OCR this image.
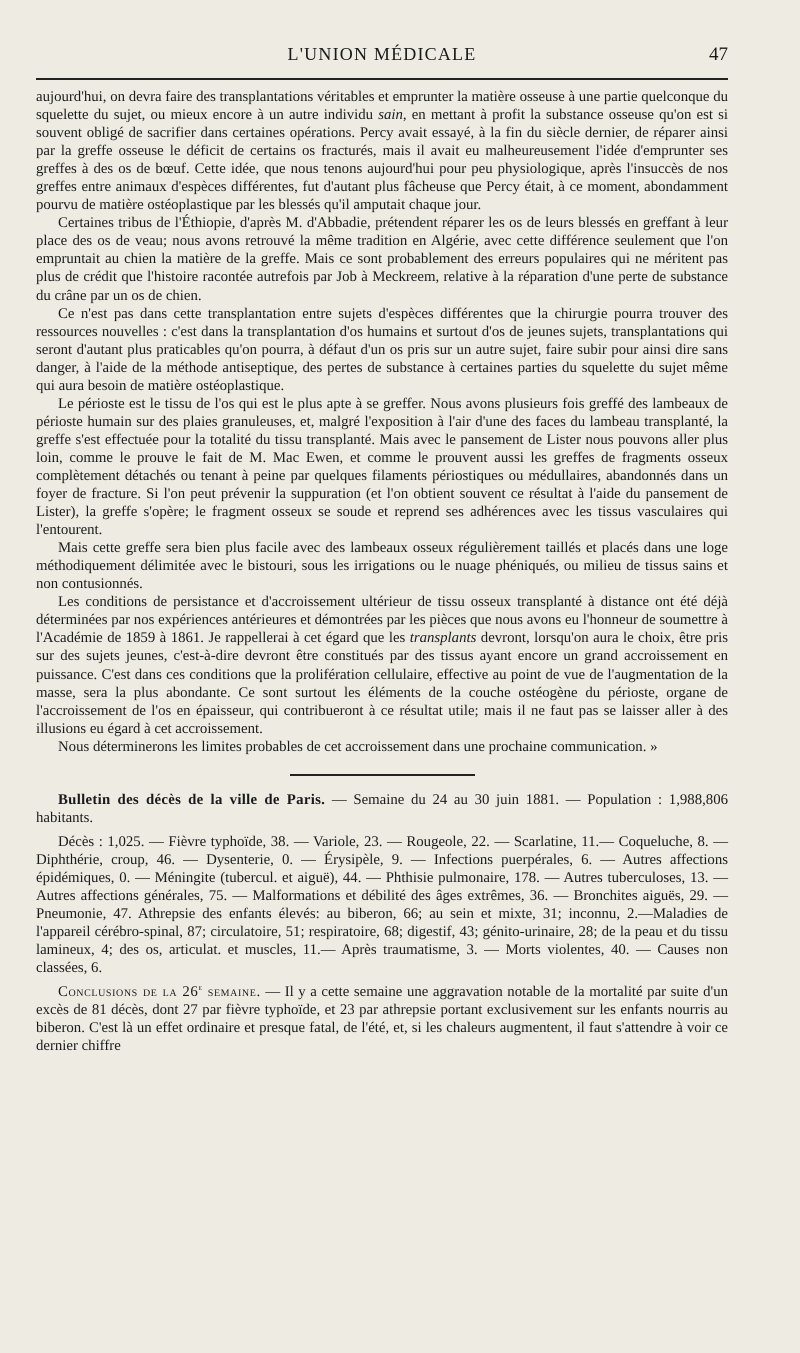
L'UNION MÉDICALE	47

aujourd'hui, on devra faire des transplantations véritables et emprunter la matière osseuse à une partie quelconque du squelette du sujet, ou mieux encore à un autre individu sain, en mettant à profit la substance osseuse qu'on est si souvent obligé de sacrifier dans certaines opérations. Percy avait essayé, à la fin du siècle dernier, de réparer ainsi par la greffe osseuse le déficit de certains os fracturés, mais il avait eu malheureusement l'idée d'emprunter ses greffes à des os de bœuf. Cette idée, que nous tenons aujourd'hui pour peu physiologique, après l'insuccès de nos greffes entre animaux d'espèces différentes, fut d'autant plus fâcheuse que Percy était, à ce moment, abondamment pourvu de matière ostéoplastique par les blessés qu'il amputait chaque jour.

Certaines tribus de l'Éthiopie, d'après M. d'Abbadie, prétendent réparer les os de leurs blessés en greffant à leur place des os de veau; nous avons retrouvé la même tradition en Algérie, avec cette différence seulement que l'on empruntait au chien la matière de la greffe. Mais ce sont probablement des erreurs populaires qui ne méritent pas plus de crédit que l'histoire racontée autrefois par Job à Meckreem, relative à la réparation d'une perte de substance du crâne par un os de chien.

Ce n'est pas dans cette transplantation entre sujets d'espèces différentes que la chirurgie pourra trouver des ressources nouvelles : c'est dans la transplantation d'os humains et surtout d'os de jeunes sujets, transplantations qui seront d'autant plus praticables qu'on pourra, à défaut d'un os pris sur un autre sujet, faire subir pour ainsi dire sans danger, à l'aide de la méthode antiseptique, des pertes de substance à certaines parties du squelette du sujet même qui aura besoin de matière ostéoplastique.

Le périoste est le tissu de l'os qui est le plus apte à se greffer. Nous avons plusieurs fois greffé des lambeaux de périoste humain sur des plaies granuleuses, et, malgré l'exposition à l'air d'une des faces du lambeau transplanté, la greffe s'est effectuée pour la totalité du tissu transplanté. Mais avec le pansement de Lister nous pouvons aller plus loin, comme le prouve le fait de M. Mac Ewen, et comme le prouvent aussi les greffes de fragments osseux complètement détachés ou tenant à peine par quelques filaments périostiques ou médullaires, abandonnés dans un foyer de fracture. Si l'on peut prévenir la suppuration (et l'on obtient souvent ce résultat à l'aide du pansement de Lister), la greffe s'opère; le fragment osseux se soude et reprend ses adhérences avec les tissus vasculaires qui l'entourent.

Mais cette greffe sera bien plus facile avec des lambeaux osseux régulièrement taillés et placés dans une loge méthodiquement délimitée avec le bistouri, sous les irrigations ou le nuage phéniqués, ou milieu de tissus sains et non contusionnés.

Les conditions de persistance et d'accroissement ultérieur de tissu osseux transplanté à distance ont été déjà déterminées par nos expériences antérieures et démontrées par les pièces que nous avons eu l'honneur de soumettre à l'Académie de 1859 à 1861. Je rappellerai à cet égard que les transplants devront, lorsqu'on aura le choix, être pris sur des sujets jeunes, c'est-à-dire devront être constitués par des tissus ayant encore un grand accroissement en puissance. C'est dans ces conditions que la prolifération cellulaire, effective au point de vue de l'augmentation de la masse, sera la plus abondante. Ce sont surtout les éléments de la couche ostéogène du périoste, organe de l'accroissement de l'os en épaisseur, qui contribueront à ce résultat utile; mais il ne faut pas se laisser aller à des illusions eu égard à cet accroissement.

Nous déterminerons les limites probables de cet accroissement dans une prochaine communication. »

Bulletin des décès de la ville de Paris. — Semaine du 24 au 30 juin 1881. — Population : 1,988,806 habitants.

Décès : 1,025. — Fièvre typhoïde, 38. — Variole, 23. — Rougeole, 22. — Scarlatine, 11.— Coqueluche, 8. — Diphthérie, croup, 46. — Dysenterie, 0. — Érysipèle, 9. — Infections puerpérales, 6. — Autres affections épidémiques, 0. — Méningite (tubercul. et aiguë), 44. — Phthisie pulmonaire, 178. — Autres tuberculoses, 13. — Autres affections générales, 75. — Malformations et débilité des âges extrêmes, 36. — Bronchites aiguës, 29. — Pneumonie, 47. Athrepsie des enfants élevés: au biberon, 66; au sein et mixte, 31; inconnu, 2.—Maladies de l'appareil cérébro-spinal, 87; circulatoire, 51; respiratoire, 68; digestif, 43; génito-urinaire, 28; de la peau et du tissu lamineux, 4; des os, articulat. et muscles, 11.— Après traumatisme, 3. — Morts violentes, 40. — Causes non classées, 6.

Conclusions de la 26e semaine. — Il y a cette semaine une aggravation notable de la mortalité par suite d'un excès de 81 décès, dont 27 par fièvre typhoïde, et 23 par athrepsie portant exclusivement sur les enfants nourris au biberon. C'est là un effet ordinaire et presque fatal, de l'été, et, si les chaleurs augmentent, il faut s'attendre à voir ce dernier chiffre
